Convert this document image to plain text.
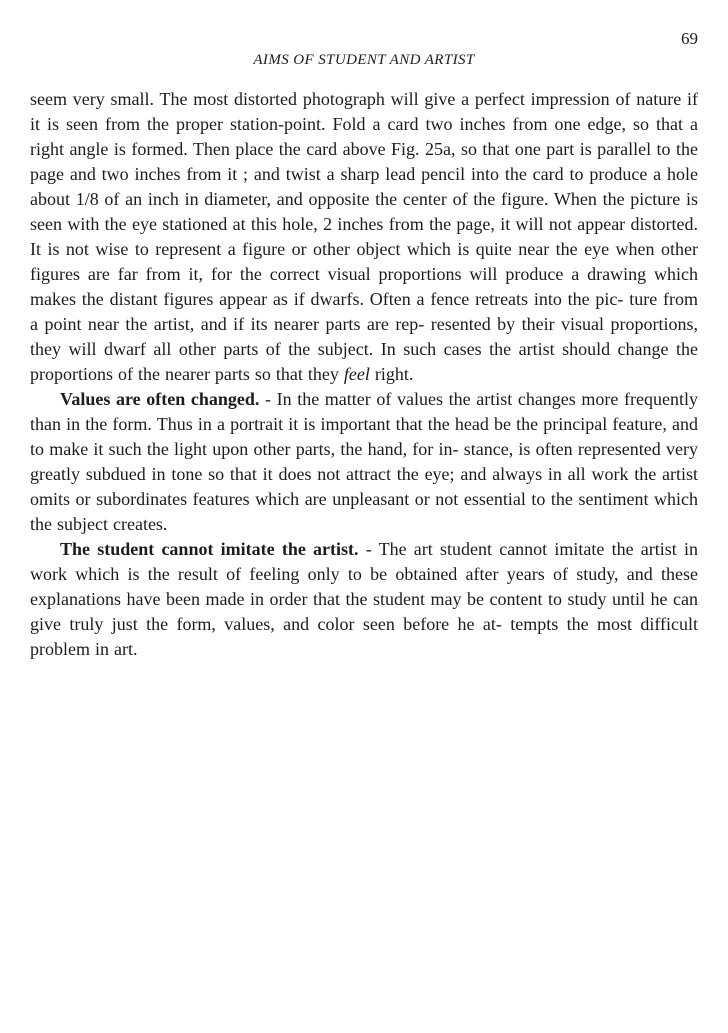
69
AIMS OF STUDENT AND ARTIST

seem very small. The most distorted photograph will give a perfect impression of nature if it is seen from the proper station-point. Fold a card two inches from one edge, so that a right angle is formed. Then place the card above Fig. 25a, so that one part is parallel to the page and two inches from it ; and twist a sharp lead pencil into the card to produce a hole about 1/8 of an inch in diameter, and opposite the center of the figure. When the picture is seen with the eye stationed at this hole, 2 inches from the page, it will not appear distorted. It is not wise to represent a figure or other object which is quite near the eye when other figures are far from it, for the correct visual proportions will produce a drawing which makes the distant figures appear as if dwarfs. Often a fence retreats into the pic- ture from a point near the artist, and if its nearer parts are rep- resented by their visual proportions, they will dwarf all other parts of the subject. In such cases the artist should change the proportions of the nearer parts so that they feel right.

Values are often changed. - In the matter of values the artist changes more frequently than in the form. Thus in a portrait it is important that the head be the principal feature, and to make it such the light upon other parts, the hand, for in- stance, is often represented very greatly subdued in tone so that it does not attract the eye; and always in all work the artist omits or subordinates features which are unpleasant or not essential to the sentiment which the subject creates.

The student cannot imitate the artist. - The art student cannot imitate the artist in work which is the result of feeling only to be obtained after years of study, and these explanations have been made in order that the student may be content to study until he can give truly just the form, values, and color seen before he at- tempts the most difficult problem in art.
